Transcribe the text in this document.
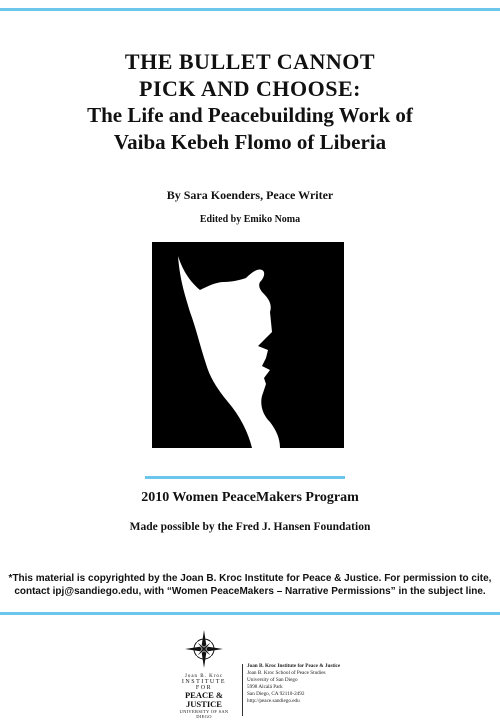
THE BULLET CANNOT
PICK AND CHOOSE:
The Life and Peacebuilding Work of
Vaiba Kebeh Flomo of Liberia
By Sara Koenders, Peace Writer
Edited by Emiko Noma
2010 Women PeaceMakers Program
Made possible by the Fred J. Hansen Foundation
*This material is copyrighted by the Joan B. Kroc Institute for Peace & Justice. For permission to cite, contact ipj@sandiego.edu, with “Women PeaceMakers – Narrative Permissions” in the subject line.
Joan B. Kroc
INSTITUTE FOR
PEACE & JUSTICE
UNIVERSITY OF SAN DIEGO
Joan B. Kroc Institute for Peace & Justice
Joan B. Kroc School of Peace Studies
University of San Diego
5998 Alcalá Park
San Diego, CA 92110-2492
http://peace.sandiego.edu
